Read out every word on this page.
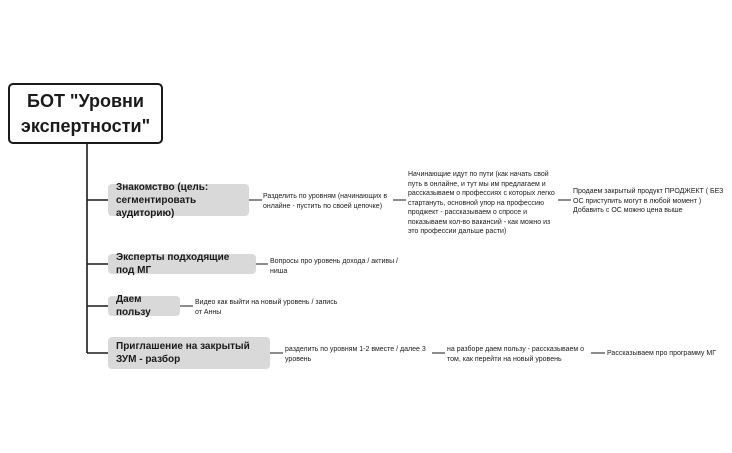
БОТ "Уровни
экспертности"
Знакомство (цель: сегментировать аудиторию)
Разделить по уровням (начинающих в онлайне - пустить по своей цепочке)
Начинающие идут по пути (как начать свой путь в онлайне, и тут мы им предлагаем и рассказываем о профессиях с которых легко стартануть, основной упор на профессию проджект - рассказываем о спросе и показываем кол-во вакансий - как можно из это профессии дальше расти)
Продаем закрытый продукт ПРОДЖЕКТ ( БЕЗ ОС приступить могут в любой момент ) Добавить с ОС можно цена выше
Эксперты подходящие под МГ
Вопросы про уровень дохода / активы / ниша
Даем пользу
Видео как выйти на новый уровень / запись от Анны
Приглашение на закрытый ЗУМ - разбор
разделить по уровням 1-2 вместе / далее 3 уровень
на разборе даем пользу - рассказываем о том, как перейти на новый уровень
Рассказываем про программу МГ
